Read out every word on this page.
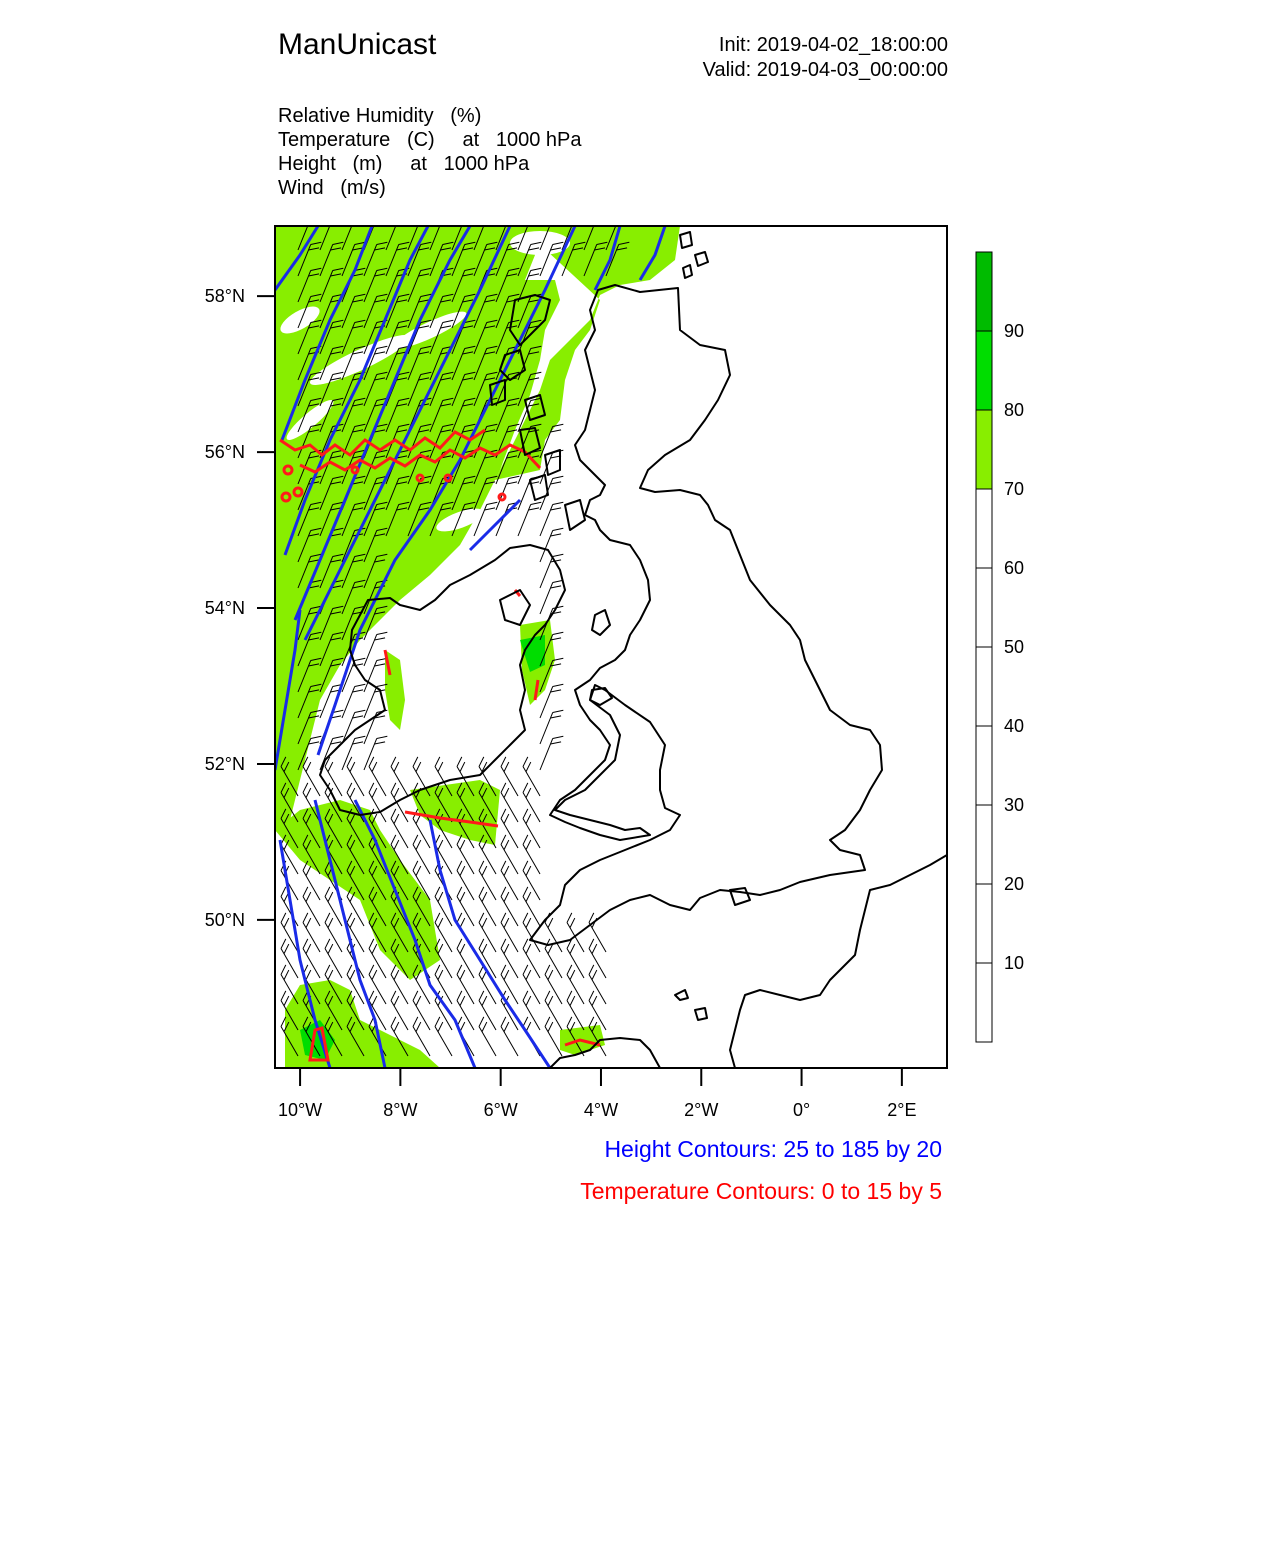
ManUnicast	Init: 2019-04-02_18:00:00
Valid: 2019-04-03_00:00:00
Relative Humidity   (%)
Temperature   (C)     at   1000 hPa
Height   (m)     at   1000 hPa
Wind   (m/s)
58°N
56°N
54°N
52°N
50°N
10°W	8°W	6°W	4°W	2°W	0°	2°E
10
20
30
40
50
60
70
80
90
Height Contours: 25 to 185 by 20
Temperature Contours: 0 to 15 by 5
